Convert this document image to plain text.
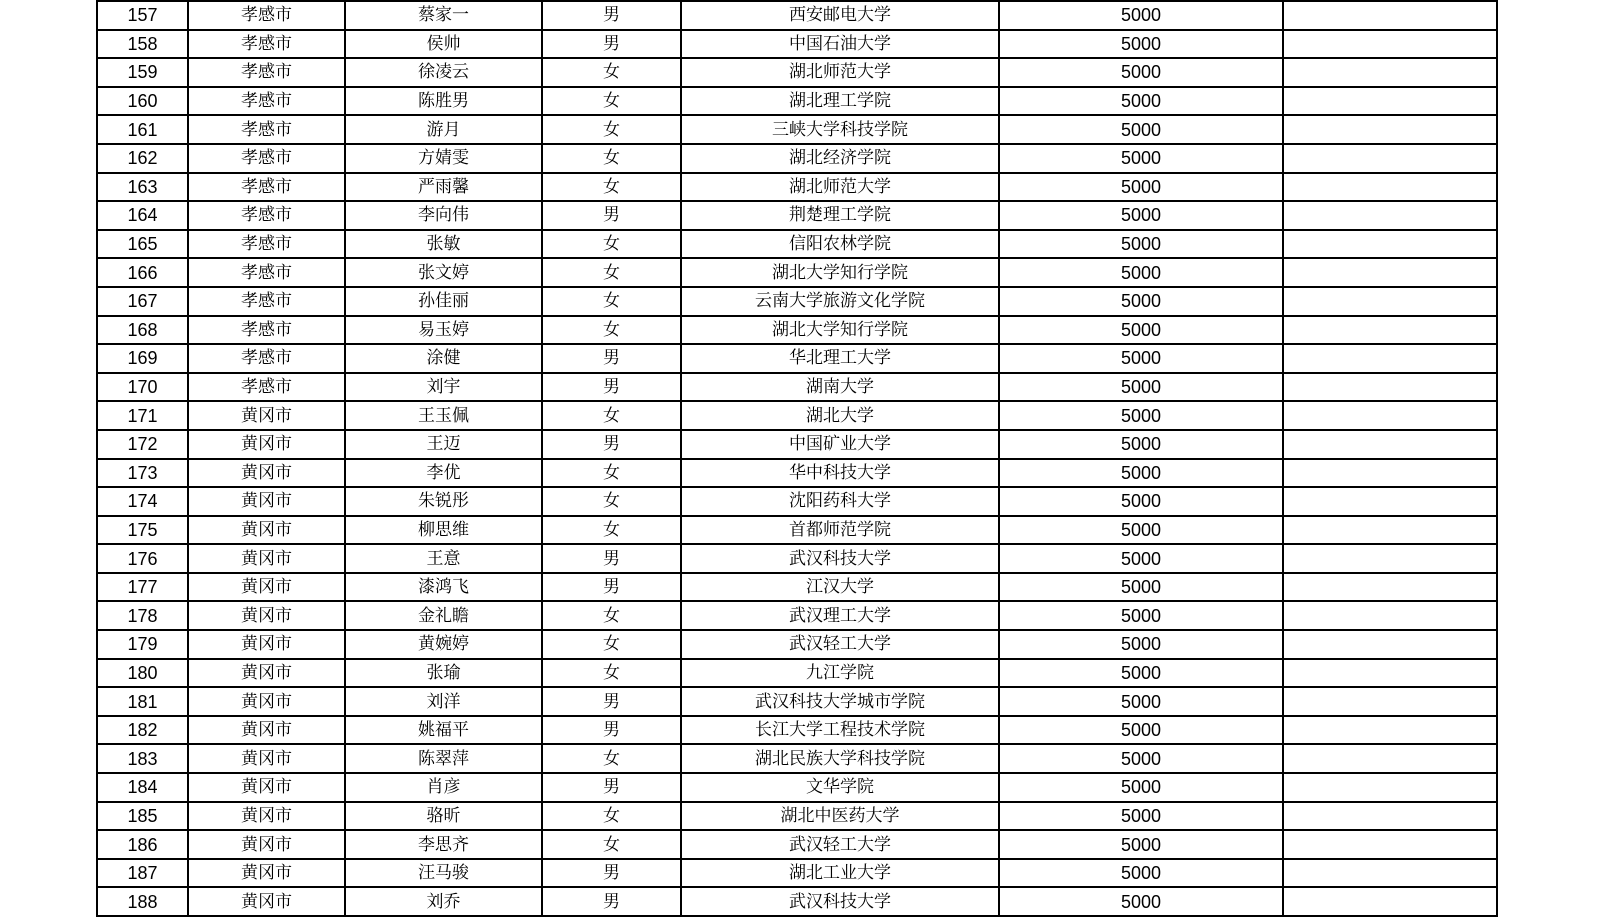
157	孝感市	蔡家一	男	西安邮电大学	5000	
158	孝感市	侯帅	男	中国石油大学	5000	
159	孝感市	徐凌云	女	湖北师范大学	5000	
160	孝感市	陈胜男	女	湖北理工学院	5000	
161	孝感市	游月	女	三峡大学科技学院	5000	
162	孝感市	方婧雯	女	湖北经济学院	5000	
163	孝感市	严雨馨	女	湖北师范大学	5000	
164	孝感市	李向伟	男	荆楚理工学院	5000	
165	孝感市	张敏	女	信阳农林学院	5000	
166	孝感市	张文婷	女	湖北大学知行学院	5000	
167	孝感市	孙佳丽	女	云南大学旅游文化学院	5000	
168	孝感市	易玉婷	女	湖北大学知行学院	5000	
169	孝感市	涂健	男	华北理工大学	5000	
170	孝感市	刘宇	男	湖南大学	5000	
171	黄冈市	王玉佩	女	湖北大学	5000	
172	黄冈市	王迈	男	中国矿业大学	5000	
173	黄冈市	李优	女	华中科技大学	5000	
174	黄冈市	朱锐彤	女	沈阳药科大学	5000	
175	黄冈市	柳思维	女	首都师范学院	5000	
176	黄冈市	王意	男	武汉科技大学	5000	
177	黄冈市	漆鸿飞	男	江汉大学	5000	
178	黄冈市	金礼瞻	女	武汉理工大学	5000	
179	黄冈市	黄婉婷	女	武汉轻工大学	5000	
180	黄冈市	张瑜	女	九江学院	5000	
181	黄冈市	刘洋	男	武汉科技大学城市学院	5000	
182	黄冈市	姚福平	男	长江大学工程技术学院	5000	
183	黄冈市	陈翠萍	女	湖北民族大学科技学院	5000	
184	黄冈市	肖彦	男	文华学院	5000	
185	黄冈市	骆昕	女	湖北中医药大学	5000	
186	黄冈市	李思齐	女	武汉轻工大学	5000	
187	黄冈市	汪马骏	男	湖北工业大学	5000	
188	黄冈市	刘乔	男	武汉科技大学	5000	
